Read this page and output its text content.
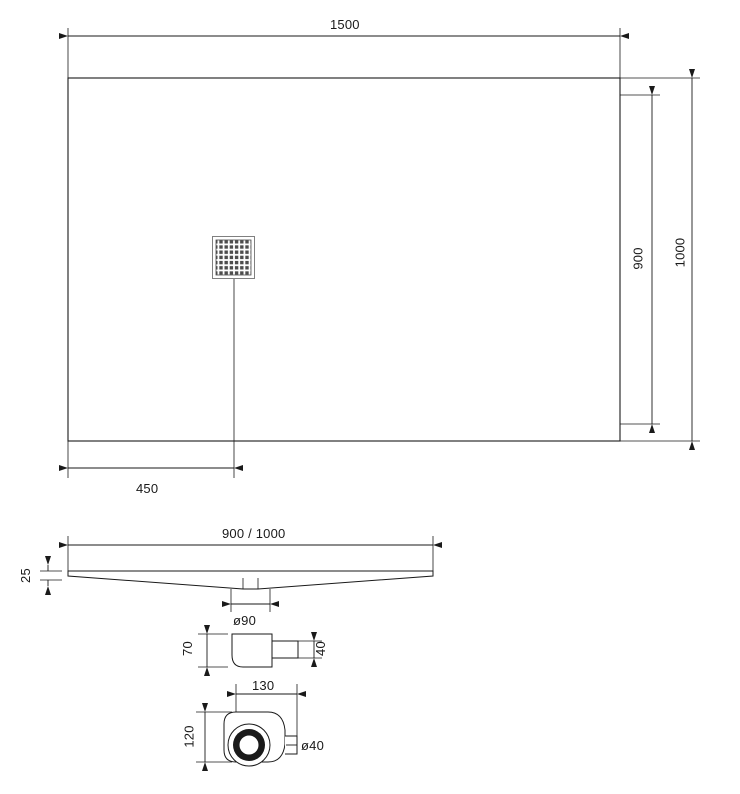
1500
900 1000
450
900 / 1000
25
ø90
70	40
130
120	ø40
